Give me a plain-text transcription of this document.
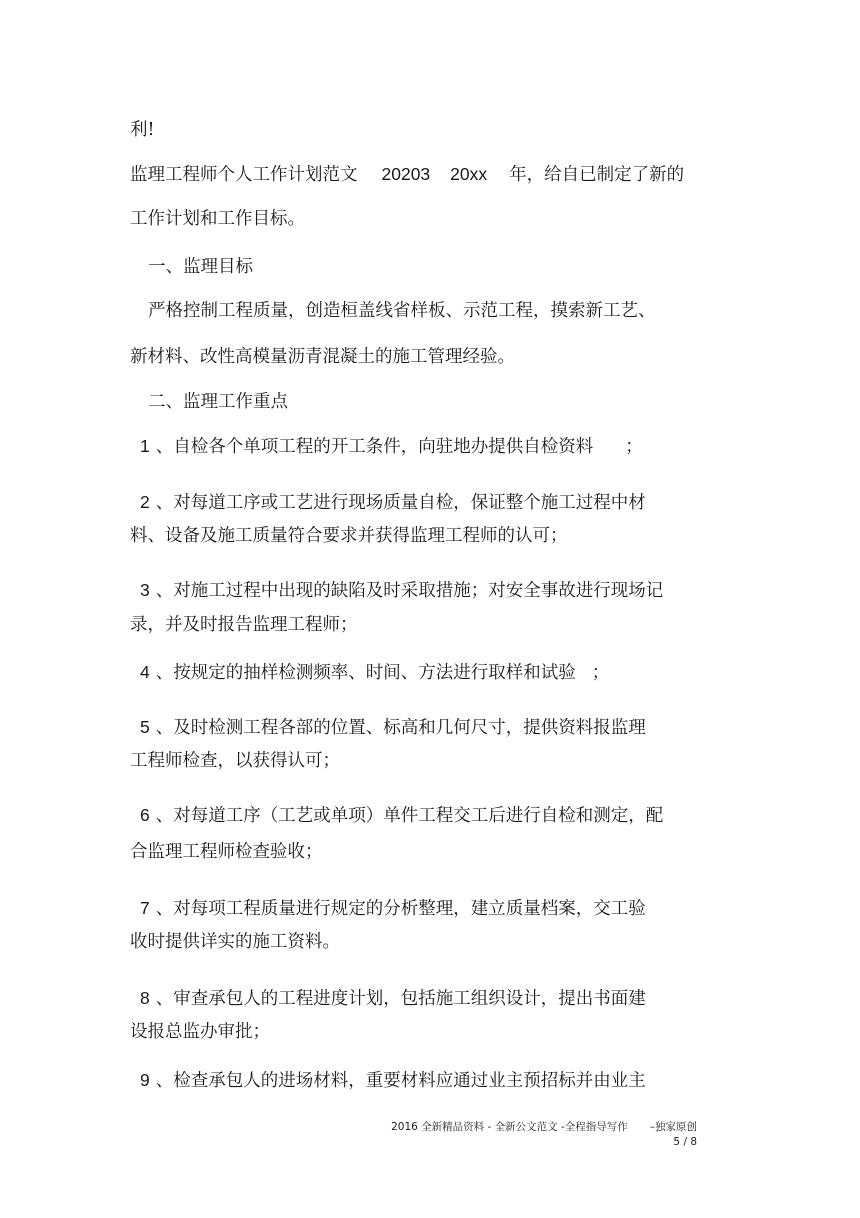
利!
监理工程师个人工作计划范文 20203 20xx 年，给自已制定了新的
工作计划和工作目标。
一、监理目标
严格控制工程质量，创造桓盖线省样板、示范工程，摸索新工艺、
新材料、改性高模量沥青混凝土的施工管理经验。
二、监理工作重点
1 、自检各个单项工程的开工条件，向驻地办提供自检资料 ；
2 、对每道工序或工艺进行现场质量自检，保证整个施工过程中材
料、设备及施工质量符合要求并获得监理工程师的认可；
3 、对施工过程中出现的缺陷及时采取措施；对安全事故进行现场记
录，并及时报告监理工程师；
4 、按规定的抽样检测频率、时间、方法进行取样和试验 ；
5 、及时检测工程各部的位置、标高和几何尺寸，提供资料报监理
工程师检查，以获得认可；
6 、对每道工序（工艺或单项）单件工程交工后进行自检和测定，配
合监理工程师检查验收；
7 、对每项工程质量进行规定的分析整理，建立质量档案，交工验
收时提供详实的施工资料。
8 、审查承包人的工程进度计划，包括施工组织设计，提出书面建
设报总监办审批；
9 、检查承包人的进场材料，重要材料应通过业主预招标并由业主
2016 全新精品资料 - 全新公文范文 -全程指导写作 –独家原创
5 / 8
